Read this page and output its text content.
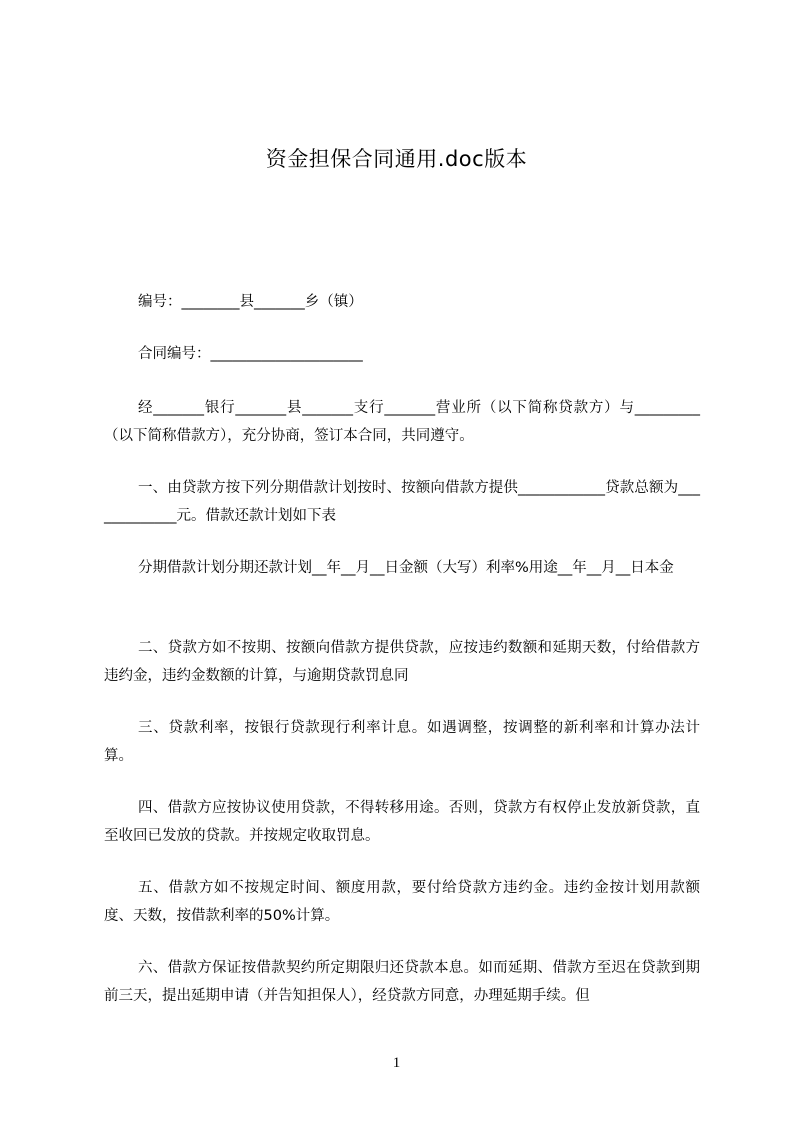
资金担保合同通用.doc版本
编号：________县_______乡（镇）
合同编号：_____________________
经_______银行_______县_______支行_______营业所（以下简称贷款方）与_________（以下简称借款方），充分协商，签订本合同，共同遵守。
一、由贷款方按下列分期借款计划按时、按额向借款方提供____________贷款总额为_____________元。借款还款计划如下表
分期借款计划分期还款计划__年__月__日金额（大写）利率%用途__年__月__日本金
二、贷款方如不按期、按额向借款方提供贷款，应按违约数额和延期天数，付给借款方违约金，违约金数额的计算，与逾期贷款罚息同
三、贷款利率，按银行贷款现行利率计息。如遇调整，按调整的新利率和计算办法计算。
四、借款方应按协议使用贷款，不得转移用途。否则，贷款方有权停止发放新贷款，直至收回已发放的贷款。并按规定收取罚息。
五、借款方如不按规定时间、额度用款，要付给贷款方违约金。违约金按计划用款额度、天数，按借款利率的50%计算。
六、借款方保证按借款契约所定期限归还贷款本息。如而延期、借款方至迟在贷款到期前三天，提出延期申请（并告知担保人），经贷款方同意，办理延期手续。但
1
